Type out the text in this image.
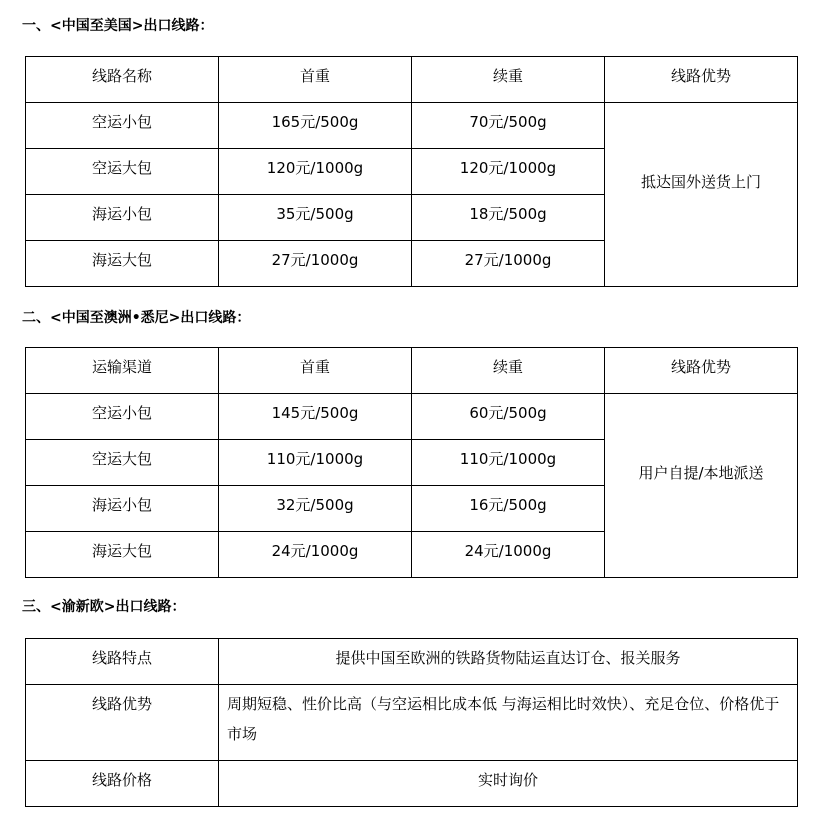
一、<中国至美国>出口线路：
线路名称	首重	续重	线路优势
空运小包	165元/500g	70元/500g	抵达国外送货上门
空运大包	120元/1000g	120元/1000g	
海运小包	35元/500g	18元/500g	
海运大包	27元/1000g	27元/1000g	
二、<中国至澳洲•悉尼>出口线路：
运输渠道	首重	续重	线路优势
空运小包	145元/500g	60元/500g	用户自提/本地派送
空运大包	110元/1000g	110元/1000g	
海运小包	32元/500g	16元/500g	
海运大包	24元/1000g	24元/1000g	
三、<渝新欧>出口线路：
线路特点	提供中国至欧洲的铁路货物陆运直达订仓、报关服务
线路优势	周期短稳、性价比高（与空运相比成本低 与海运相比时效快）、充足仓位、价格优于市场
线路价格	实时询价
